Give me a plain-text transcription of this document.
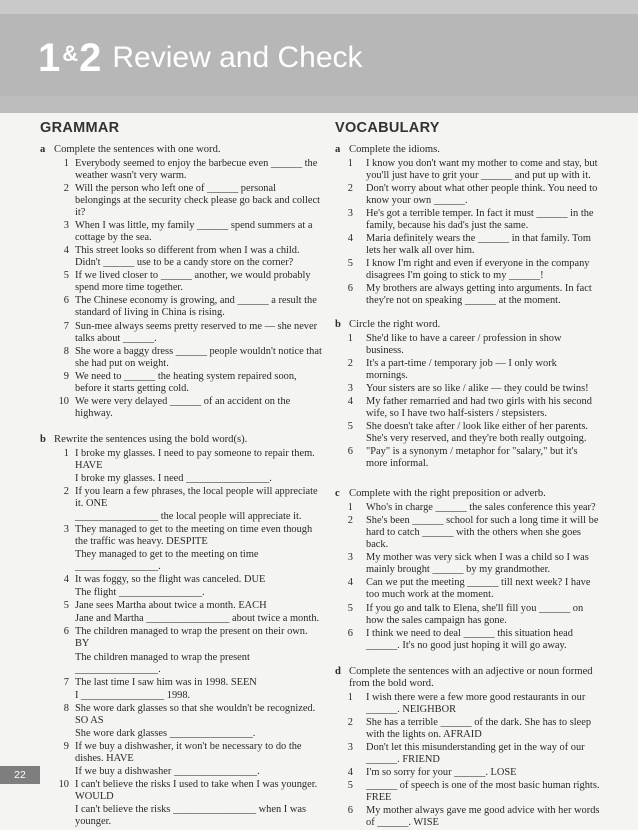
1&2 Review and Check
GRAMMAR
a Complete the sentences with one word.
1 Everybody seemed to enjoy the barbecue even ______ the weather wasn't very warm.
2 Will the person who left one of ______ personal belongings at the security check please go back and collect it?
3 When I was little, my family ______ spend summers at a cottage by the sea.
4 This street looks so different from when I was a child. Didn't ______ use to be a candy store on the corner?
5 If we lived closer to ______ another, we would probably spend more time together.
6 The Chinese economy is growing, and ______ a result the standard of living in China is rising.
7 Sun-mee always seems pretty reserved to me — she never talks about ______.
8 She wore a baggy dress ______ people wouldn't notice that she had put on weight.
9 We need to ______ the heating system repaired soon, before it starts getting cold.
10 We were very delayed ______ of an accident on the highway.
b Rewrite the sentences using the bold word(s).
1 I broke my glasses. I need to pay someone to repair them. HAVE
I broke my glasses. I need ________________.
2 If you learn a few phrases, the local people will appreciate it. ONE
________________ the local people will appreciate it.
3 They managed to get to the meeting on time even though the traffic was heavy. DESPITE
They managed to get to the meeting on time ________________.
4 It was foggy, so the flight was canceled. DUE
The flight ________________.
5 Jane sees Martha about twice a month. EACH
Jane and Martha ________________ about twice a month.
6 The children managed to wrap the present on their own. BY
The children managed to wrap the present ________________.
7 The last time I saw him was in 1998. SEEN
I ________________ 1998.
8 She wore dark glasses so that she wouldn't be recognized. SO AS
She wore dark glasses ________________.
9 If we buy a dishwasher, it won't be necessary to do the dishes. HAVE
If we buy a dishwasher ________________.
10 I can't believe the risks I used to take when I was younger. WOULD
I can't believe the risks ________________ when I was younger.
VOCABULARY
a Complete the idioms.
1 I know you don't want my mother to come and stay, but you'll just have to grit your ______ and put up with it.
2 Don't worry about what other people think. You need to know your own ______.
3 He's got a terrible temper. In fact it must ______ in the family, because his dad's just the same.
4 Maria definitely wears the ______ in that family. Tom lets her walk all over him.
5 I know I'm right and even if everyone in the company disagrees I'm going to stick to my ______!
6 My brothers are always getting into arguments. In fact they're not on speaking ______ at the moment.
b Circle the right word.
1 She'd like to have a career / profession in show business.
2 It's a part-time / temporary job — I only work mornings.
3 Your sisters are so like / alike — they could be twins!
4 My father remarried and had two girls with his second wife, so I have two half-sisters / stepsisters.
5 She doesn't take after / look like either of her parents. She's very reserved, and they're both really outgoing.
6 "Pay" is a synonym / metaphor for "salary," but it's more informal.
c Complete with the right preposition or adverb.
1 Who's in charge ______ the sales conference this year?
2 She's been ______ school for such a long time it will be hard to catch ______ with the others when she goes back.
3 My mother was very sick when I was a child so I was mainly brought ______ by my grandmother.
4 Can we put the meeting ______ till next week? I have too much work at the moment.
5 If you go and talk to Elena, she'll fill you ______ on how the sales campaign has gone.
6 I think we need to deal ______ this situation head ______. It's no good just hoping it will go away.
d Complete the sentences with an adjective or noun formed from the bold word.
1 I wish there were a few more good restaurants in our ______. NEIGHBOR
2 She has a terrible ______ of the dark. She has to sleep with the lights on. AFRAID
3 Don't let this misunderstanding get in the way of our ______. FRIEND
4 I'm so sorry for your ______. LOSE
5 ______ of speech is one of the most basic human rights. FREE
6 My mother always gave me good advice with her words of ______. WISE
22
